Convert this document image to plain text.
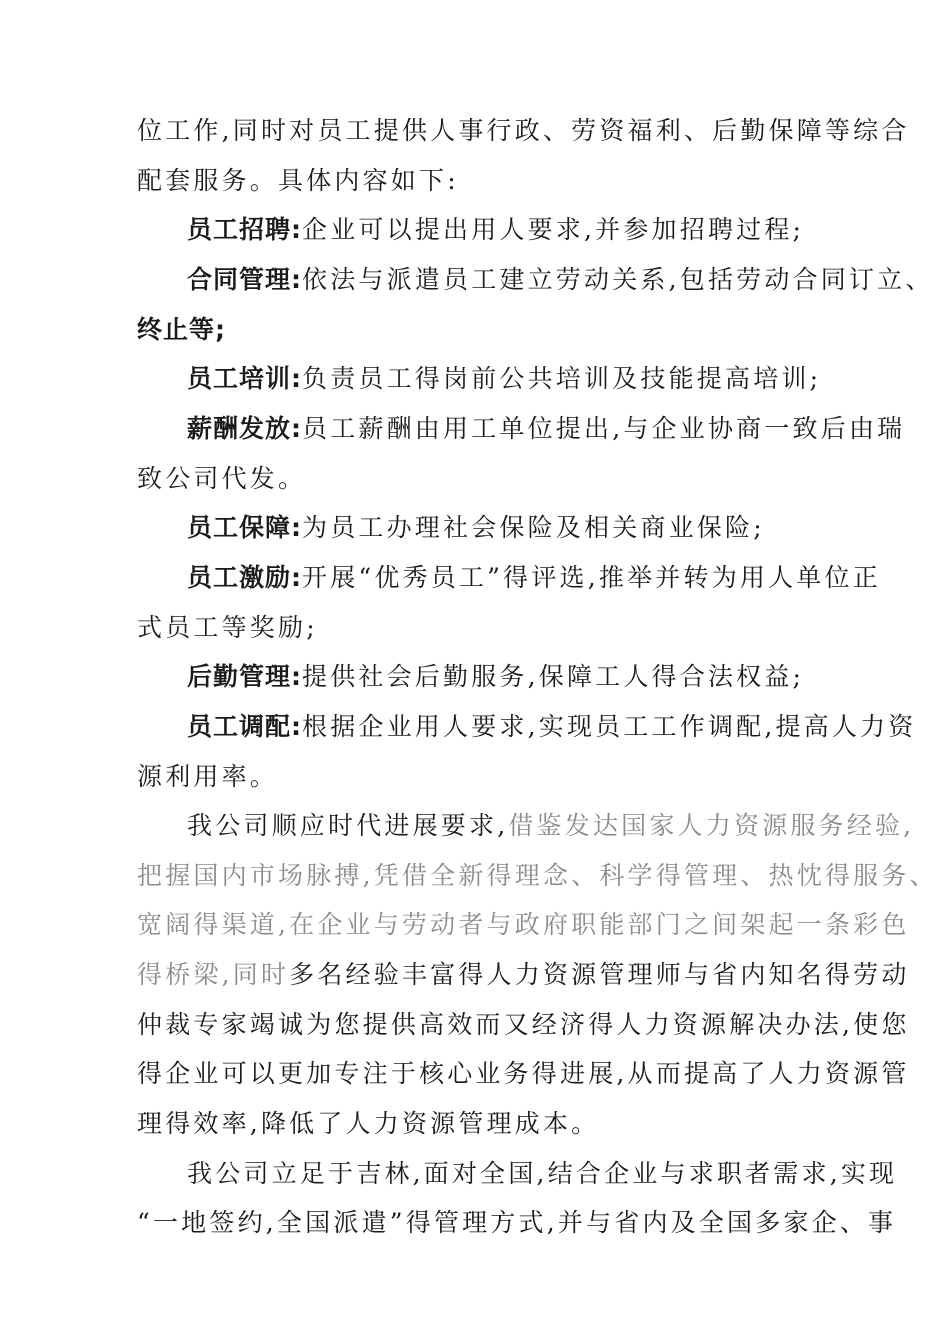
位工作,同时对员工提供人事行政、劳资福利、后勤保障等综合
配套服务。具体内容如下:
员工招聘:企业可以提出用人要求,并参加招聘过程;
合同管理:依法与派遣员工建立劳动关系,包括劳动合同订立、
终止等;
员工培训:负责员工得岗前公共培训及技能提高培训;
薪酬发放:员工薪酬由用工单位提出,与企业协商一致后由瑞
致公司代发。
员工保障:为员工办理社会保险及相关商业保险;
员工激励:开展“优秀员工”得评选,推举并转为用人单位正
式员工等奖励;
后勤管理:提供社会后勤服务,保障工人得合法权益;
员工调配:根据企业用人要求,实现员工工作调配,提高人力资
源利用率。
我公司顺应时代进展要求,借鉴发达国家人力资源服务经验,
把握国内市场脉搏,凭借全新得理念、科学得管理、热忱得服务、
宽阔得渠道,在企业与劳动者与政府职能部门之间架起一条彩色
得桥梁,同时多名经验丰富得人力资源管理师与省内知名得劳动
仲裁专家竭诚为您提供高效而又经济得人力资源解决办法,使您
得企业可以更加专注于核心业务得进展,从而提高了人力资源管
理得效率,降低了人力资源管理成本。
我公司立足于吉林,面对全国,结合企业与求职者需求,实现
“一地签约,全国派遣”得管理方式,并与省内及全国多家企、事
